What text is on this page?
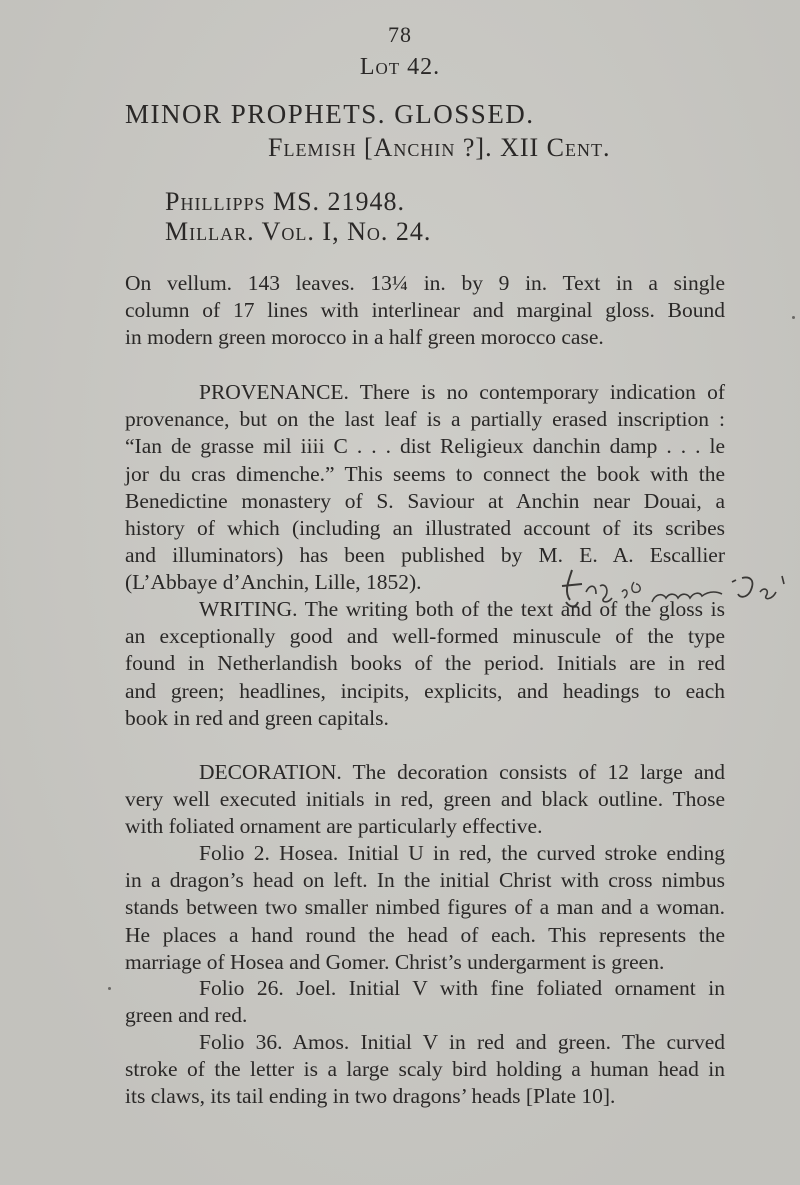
78
Lot 42.
MINOR PROPHETS. GLOSSED.
Flemish [Anchin ?]. XII Cent.
Phillipps MS. 21948.
Millar. Vol. I, No. 24.
On vellum. 143 leaves. 13¼ in. by 9 in. Text in a single
column of 17 lines with interlinear and marginal gloss. Bound
in modern green morocco in a half green morocco case.
PROVENANCE. There is no contemporary indication of
provenance, but on the last leaf is a partially erased inscription :
“Ian de grasse mil iiii C . . . dist Religieux danchin damp . . . le
jor du cras dimenche.” This seems to connect the book with the
Benedictine monastery of S. Saviour at Anchin near Douai, a
history of which (including an illustrated account of its scribes
and illuminators) has been published by M. E. A. Escallier
(L’Abbaye d’Anchin, Lille, 1852).
WRITING. The writing both of the text and of the gloss is
an exceptionally good and well-formed minuscule of the type
found in Netherlandish books of the period. Initials are in red
and green; headlines, incipits, explicits, and headings to each
book in red and green capitals.
DECORATION. The decoration consists of 12 large and
very well executed initials in red, green and black outline. Those
with foliated ornament are particularly effective.
Folio 2. Hosea. Initial U in red, the curved stroke ending
in a dragon’s head on left. In the initial Christ with cross nimbus
stands between two smaller nimbed figures of a man and a woman.
He places a hand round the head of each. This represents the
marriage of Hosea and Gomer. Christ’s undergarment is green.
Folio 26. Joel. Initial V with fine foliated ornament in
green and red.
Folio 36. Amos. Initial V in red and green. The curved
stroke of the letter is a large scaly bird holding a human head in
its claws, its tail ending in two dragons’ heads [Plate 10].
